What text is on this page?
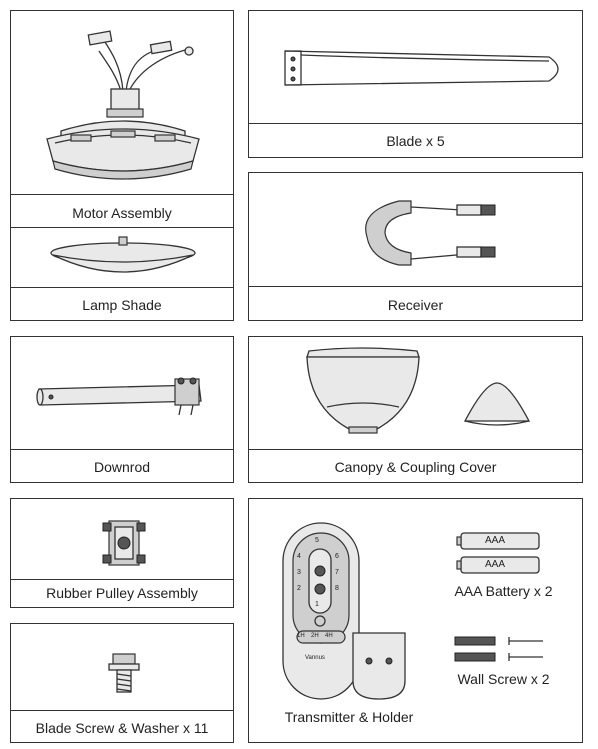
Motor Assembly
Lamp Shade
Blade x 5
Receiver
Downrod	Canopy & Coupling Cover
Rubber Pulley Assembly
Blade Screw & Washer x 11
5
4	6
3	7
2	8
1
1H 2H 4H
Vannus
AAA
AAA
AAA Battery x 2
Wall Screw x 2
Transmitter & Holder
